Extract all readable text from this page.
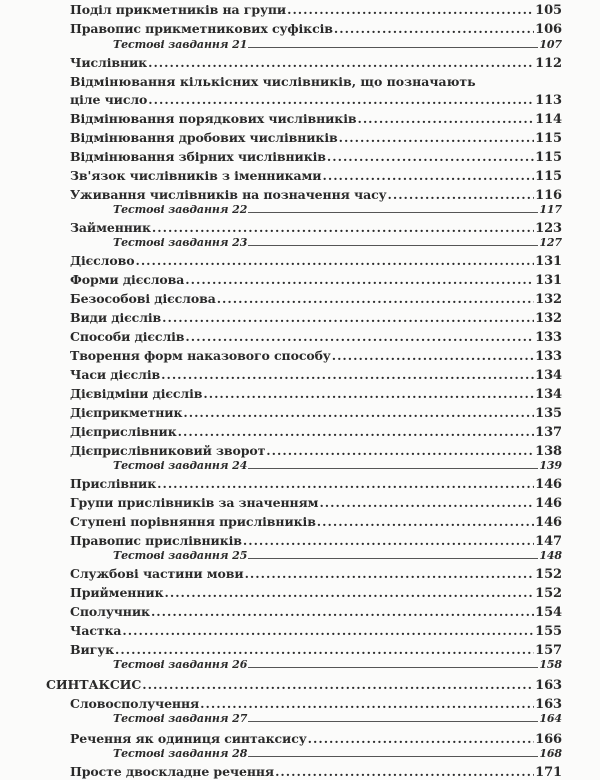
Поділ прикметників на групи .....	105
Правопис прикметникових суфіксів .....	106
Тестові завдання 21	107
Числівник .....	112
Відмінювання кількісних числівників, що позначають
ціле число .....	113
Відмінювання порядкових числівників .....	114
Відмінювання дробових числівників .....	115
Відмінювання збірних числівників .....	115
Зв'язок числівників з іменниками .....	115
Уживання числівників на позначення часу .....	116
Тестові завдання 22	117
Займенник .....	123
Тестові завдання 23	127
Дієслово .....	131
Форми дієслова .....	131
Безособові дієслова .....	132
Види дієслів .....	132
Способи дієслів .....	133
Творення форм наказового способу .....	133
Часи дієслів .....	134
Дієвідміни дієслів .....	134
Дієприкметник .....	135
Дієприслівник .....	137
Дієприслівниковий зворот .....	138
Тестові завдання 24	139
Прислівник .....	146
Групи прислівників за значенням .....	146
Ступені порівняння прислівників .....	146
Правопис прислівників .....	147
Тестові завдання 25	148
Службові частини мови .....	152
Прийменник .....	152
Сполучник .....	154
Частка .....	155
Вигук .....	157
Тестові завдання 26	158
СИНТАКСИС .....	163
Словосполучення .....	163
Тестові завдання 27	164
Речення як одиниця синтаксису .....	166
Тестові завдання 28	168
Просте двоскладне речення .....	171
